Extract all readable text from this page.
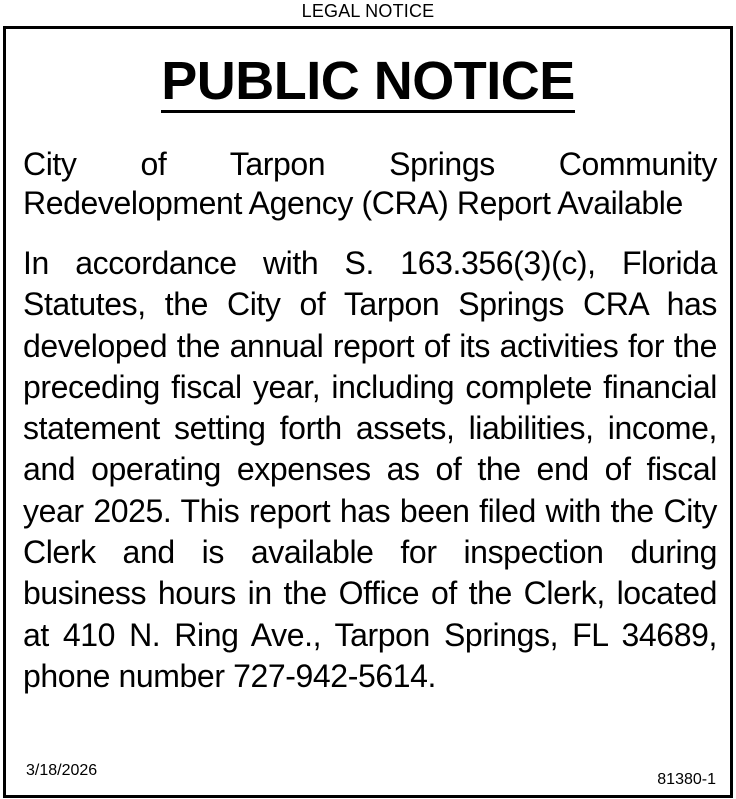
LEGAL NOTICE
PUBLIC NOTICE

City of Tarpon Springs Community Redevelopment Agency (CRA) Report Available

In accordance with S. 163.356(3)(c), Florida Statutes, the City of Tarpon Springs CRA has developed the annual report of its activities for the preceding fiscal year, including complete financial statement setting forth assets, liabilities, income, and operating expenses as of the end of fiscal year 2025. This report has been filed with the City Clerk and is available for inspection during business hours in the Office of the Clerk, located at 410 N. Ring Ave., Tarpon Springs, FL 34689, phone number 727-942-5614.

3/18/2026
81380-1
